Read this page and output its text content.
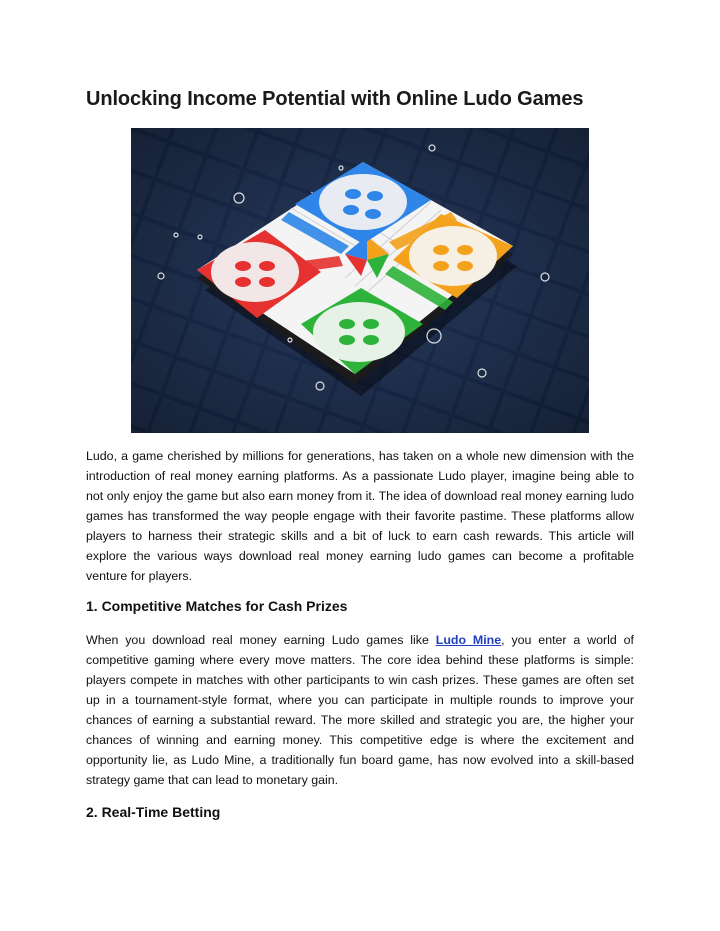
Unlocking Income Potential with Online Ludo Games

Ludo, a game cherished by millions for generations, has taken on a whole new dimension with the introduction of real money earning platforms. As a passionate Ludo player, imagine being able to not only enjoy the game but also earn money from it. The idea of download real money earning ludo games has transformed the way people engage with their favorite pastime. These platforms allow players to harness their strategic skills and a bit of luck to earn cash rewards. This article will explore the various ways download real money earning ludo games can become a profitable venture for players.

1. Competitive Matches for Cash Prizes

When you download real money earning Ludo games like Ludo Mine, you enter a world of competitive gaming where every move matters. The core idea behind these platforms is simple: players compete in matches with other participants to win cash prizes. These games are often set up in a tournament-style format, where you can participate in multiple rounds to improve your chances of earning a substantial reward. The more skilled and strategic you are, the higher your chances of winning and earning money. This competitive edge is where the excitement and opportunity lie, as Ludo Mine, a traditionally fun board game, has now evolved into a skill-based strategy game that can lead to monetary gain.

2. Real-Time Betting
